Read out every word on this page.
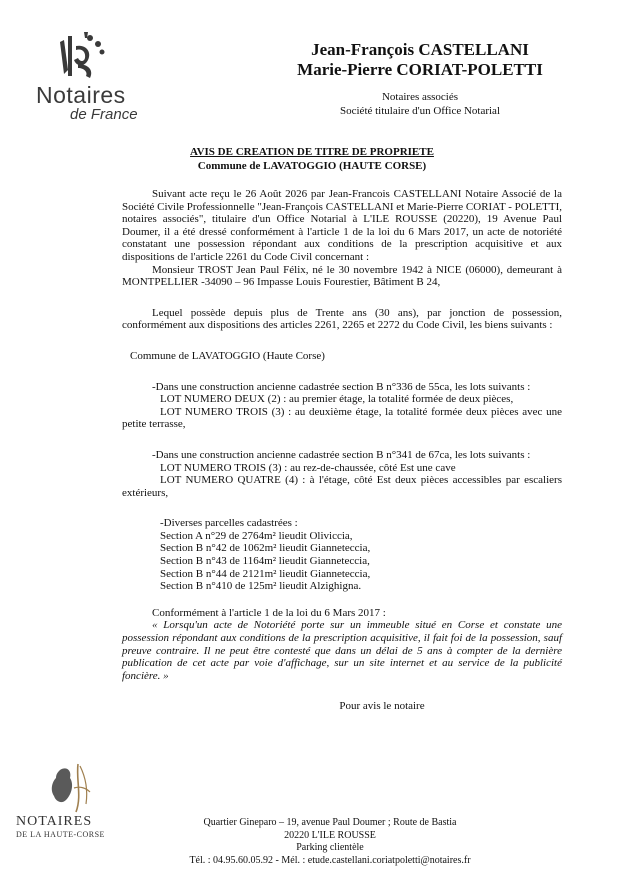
Notaires
de France
Jean-François CASTELLANI
Marie-Pierre CORIAT-POLETTI
Notaires associés
Société titulaire d'un Office Notarial
AVIS DE CREATION DE TITRE DE PROPRIETE
Commune de LAVATOGGIO (HAUTE CORSE)

Suivant acte reçu le 26 Août 2026 par Jean-Francois CASTELLANI Notaire Associé de la Société Civile Professionnelle "Jean-François CASTELLANI et Marie-Pierre CORIAT - POLETTI, notaires associés", titulaire d'un Office Notarial à L'ILE ROUSSE (20220), 19 Avenue Paul Doumer, il a été dressé conformément à l'article 1 de la loi du 6 Mars 2017, un acte de notoriété constatant une possession répondant aux conditions de la prescription acquisitive et aux dispositions de l'article 2261 du Code Civil concernant :

Monsieur TROST Jean Paul Félix, né le 30 novembre 1942 à NICE (06000), demeurant à MONTPELLIER -34090 – 96 Impasse Louis Fourestier, Bâtiment B 24,

Lequel possède depuis plus de Trente ans (30 ans), par jonction de possession, conformément aux dispositions des articles 2261, 2265 et 2272 du Code Civil, les biens suivants :

Commune de LAVATOGGIO (Haute Corse)

-Dans une construction ancienne cadastrée section B n°336 de 55ca, les lots suivants :

LOT NUMERO DEUX (2) : au premier étage, la totalité formée de deux pièces,

LOT NUMERO TROIS (3) : au deuxième étage, la totalité formée deux pièces avec une petite terrasse,

-Dans une construction ancienne cadastrée section B n°341 de 67ca, les lots suivants :

LOT NUMERO TROIS (3) : au rez-de-chaussée, côté Est une cave

LOT NUMERO QUATRE (4) : à l'étage, côté Est deux pièces accessibles par escaliers extérieurs,

-Diverses parcelles cadastrées :

Section A n°29 de 2764m² lieudit Oliviccia,

Section B n°42 de 1062m² lieudit Gianneteccia,

Section B n°43 de 1164m² lieudit Gianneteccia,

Section B n°44 de 2121m² lieudit Gianneteccia,

Section B n°410 de 125m² lieudit Alzighigna.

Conformément à l'article 1 de la loi du 6 Mars 2017 :

« Lorsqu'un acte de Notoriété porte sur un immeuble situé en Corse et constate une possession répondant aux conditions de la prescription acquisitive, il fait foi de la possession, sauf preuve contraire. Il ne peut être contesté que dans un délai de 5 ans à compter de la dernière publication de cet acte par voie d'affichage, sur un site internet et au service de la publicité foncière. »

Pour avis le notaire

NOTAIRES
DE LA HAUTE-CORSE
Quartier Gineparo – 19, avenue Paul Doumer ; Route de Bastia
20220 L'ILE ROUSSE
Parking clientèle
Tél. : 04.95.60.05.92 - Mél. : etude.castellani.coriatpoletti@notaires.fr
